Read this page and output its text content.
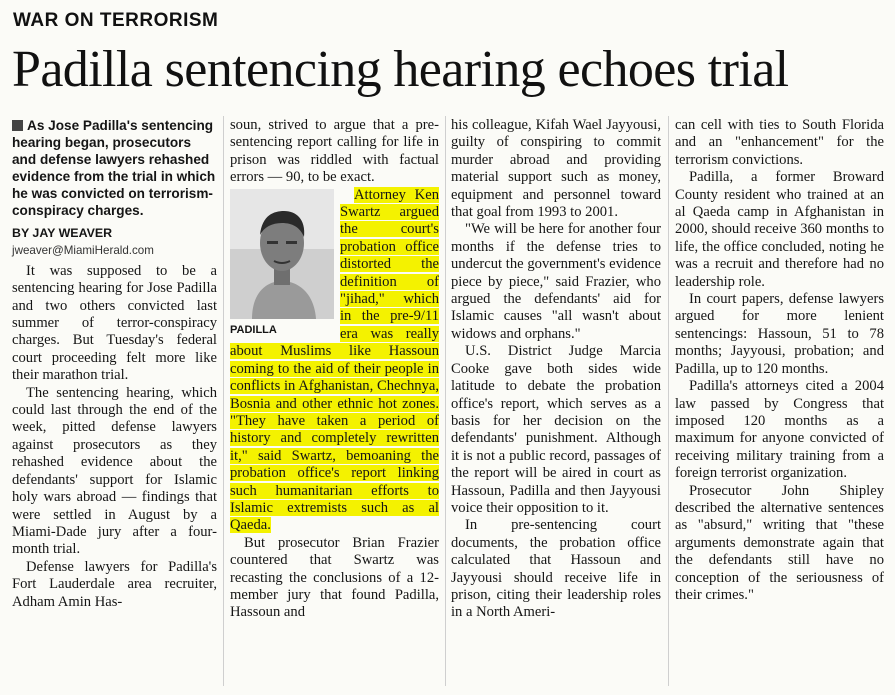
WAR ON TERRORISM
Padilla sentencing hearing echoes trial
As Jose Padilla's sentencing hearing began, prosecutors and defense lawyers rehashed evidence from the trial in which he was convicted on terrorism-conspiracy charges.
BY JAY WEAVER
jweaver@MiamiHerald.com

It was supposed to be a sentencing hearing for Jose Padilla and two others convicted last summer of terror-conspiracy charges. But Tuesday's federal court proceeding felt more like their marathon trial.

The sentencing hearing, which could last through the end of the week, pitted defense lawyers against prosecutors as they rehashed evidence about the defendants' support for Islamic holy wars abroad — findings that were settled in August by a Miami-Dade jury after a four-month trial.

Defense lawyers for Padilla's Fort Lauderdale area recruiter, Adham Amin Has-

soun, strived to argue that a pre-sentencing report calling for life in prison was riddled with factual errors — 90, to be exact.

PADILLA

Attorney Ken Swartz argued the court's probation office distorted the definition of "jihad," which in the pre-9/11 era was really about Muslims like Hassoun coming to the aid of their people in conflicts in Afghanistan, Chechnya, Bosnia and other ethnic hot zones. "They have taken a period of history and completely rewritten it," said Swartz, bemoaning the probation office's report linking such humanitarian efforts to Islamic extremists such as al Qaeda.

But prosecutor Brian Frazier countered that Swartz was recasting the conclusions of a 12-member jury that found Padilla, Hassoun and

his colleague, Kifah Wael Jayyousi, guilty of conspiring to commit murder abroad and providing material support such as money, equipment and personnel toward that goal from 1993 to 2001.

"We will be here for another four months if the defense tries to undercut the government's evidence piece by piece," said Frazier, who argued the defendants' aid for Islamic causes "all wasn't about widows and orphans."

U.S. District Judge Marcia Cooke gave both sides wide latitude to debate the probation office's report, which serves as a basis for her decision on the defendants' punishment. Although it is not a public record, passages of the report will be aired in court as Hassoun, Padilla and then Jayyousi voice their opposition to it.

In pre-sentencing court documents, the probation office calculated that Hassoun and Jayyousi should receive life in prison, citing their leadership roles in a North Ameri-

can cell with ties to South Florida and an "enhancement" for the terrorism convictions.

Padilla, a former Broward County resident who trained at an al Qaeda camp in Afghanistan in 2000, should receive 360 months to life, the office concluded, noting he was a recruit and therefore had no leadership role.

In court papers, defense lawyers argued for more lenient sentencings: Hassoun, 51 to 78 months; Jayyousi, probation; and Padilla, up to 120 months.

Padilla's attorneys cited a 2004 law passed by Congress that imposed 120 months as a maximum for anyone convicted of receiving military training from a foreign terrorist organization.

Prosecutor John Shipley described the alternative sentences as "absurd," writing that "these arguments demonstrate again that the defendants still have no conception of the seriousness of their crimes."
